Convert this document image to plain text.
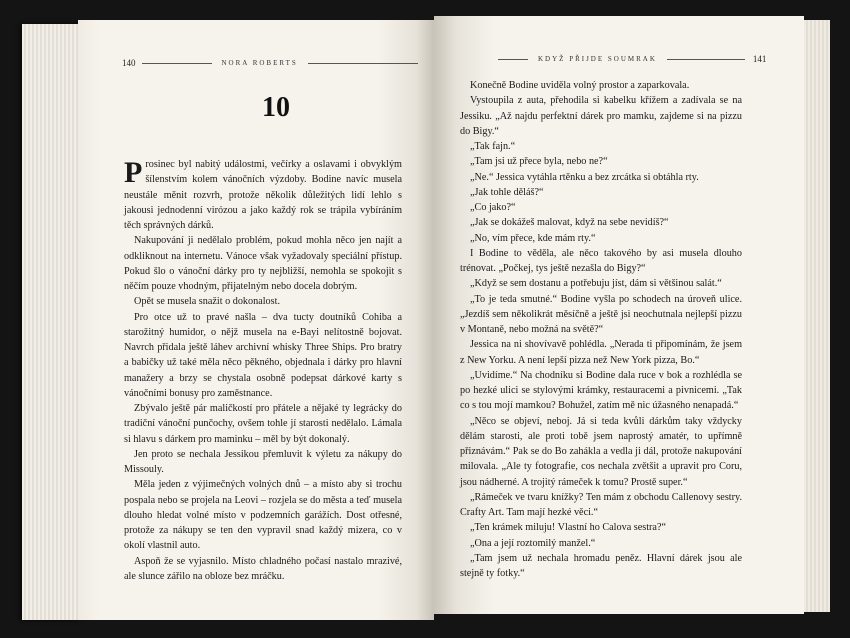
140	NORA ROBERTS
10

Prosinec byl nabitý událostmi, večírky a oslavami i obvyklým šílenstvím kolem vánočních výzdoby. Bodine navíc musela neustále měnit rozvrh, protože několik důležitých lidí lehlo s jakousi jednodenní virózou a jako každý rok se trápila vybíráním těch správných dárků.

Nakupování ji nedělalo problém, pokud mohla něco jen najít a odkliknout na internetu. Vánoce však vyžadovaly speciální přístup. Pokud šlo o vánoční dárky pro ty nejbližší, nemohla se spokojit s něčím pouze vhodným, přijatelným nebo docela dobrým.

Opět se musela snažit o dokonalost.

Pro otce už to pravé našla – dva tucty doutníků Cohiba a starožitný humidor, o nějž musela na e-Bayi nelítostně bojovat. Navrch přidala ještě láhev archivní whisky Three Ships. Pro bratry a babičky už také měla něco pěkného, objednala i dárky pro hlavní manažery a brzy se chystala osobně podepsat dárkové karty s vánočními bonusy pro zaměstnance.

Zbývalo ještě pár maličkostí pro přátele a nějaké ty legrácky do tradiční vánoční punčochy, ovšem tohle jí starosti nedělalo. Lámala si hlavu s dárkem pro maminku – měl by být dokonalý.

Jen proto se nechala Jessikou přemluvit k výletu za nákupy do Missouly.

Měla jeden z výjimečných volných dnů – a místo aby si trochu pospala nebo se projela na Leovi – rozjela se do města a teď musela dlouho hledat volné místo v podzemních garážích. Dost otřesné, protože za nákupy se ten den vypravil snad každý mizera, co v okolí vlastnil auto.

Aspoň že se vyjasnilo. Místo chladného počasí nastalo mrazivé, ale slunce zářilo na obloze bez mráčku.

KDYŽ PŘIJDE SOUMRAK	141

Konečně Bodine uviděla volný prostor a zaparkovala.

Vystoupila z auta, přehodila si kabelku křížem a zadívala se na Jessiku. „Až najdu perfektní dárek pro mamku, zajdeme si na pizzu do Bigy.“

„Tak fajn.“

„Tam jsi už přece byla, nebo ne?“

„Ne.“ Jessica vytáhla rtěnku a bez zrcátka si obtáhla rty.

„Jak tohle děláš?“

„Co jako?“

„Jak se dokážeš malovat, když na sebe nevidíš?“

„No, vím přece, kde mám rty.“

I Bodine to věděla, ale něco takového by asi musela dlouho trénovat. „Počkej, tys ještě nezašla do Bigy?“

„Když se sem dostanu a potřebuju jíst, dám si většinou salát.“

„To je teda smutné.“ Bodine vyšla po schodech na úroveň ulice. „Jezdíš sem několikrát měsíčně a ještě jsi neochutnala nejlepší pizzu v Montaně, nebo možná na světě?“

Jessica na ni shovívavě pohlédla. „Nerada ti připomínám, že jsem z New Yorku. A není lepší pizza než New York pizza, Bo.“

„Uvidíme.“ Na chodníku si Bodine dala ruce v bok a rozhlédla se po hezké ulici se stylovými krámky, restauracemi a pivnicemi. „Tak co s tou mojí mamkou? Bohužel, zatím mě nic úžasného nenapadá.“

„Něco se objeví, neboj. Já si teda kvůli dárkům taky vždycky dělám starosti, ale proti tobě jsem naprostý amatér, to upřímně přiznávám.“ Pak se do Bo zahákla a vedla ji dál, protože nakupování milovala. „Ale ty fotografie, cos nechala zvětšit a upravit pro Coru, jsou nádherné. A trojitý rámeček k tomu? Prostě super.“

„Rámeček ve tvaru knížky? Ten mám z obchodu Callenovy sestry. Crafty Art. Tam mají hezké věci.“

„Ten krámek miluju! Vlastní ho Calova sestra?“

„Ona a její roztomilý manžel.“

„Tam jsem už nechala hromadu peněz. Hlavní dárek jsou ale stejně ty fotky.“
